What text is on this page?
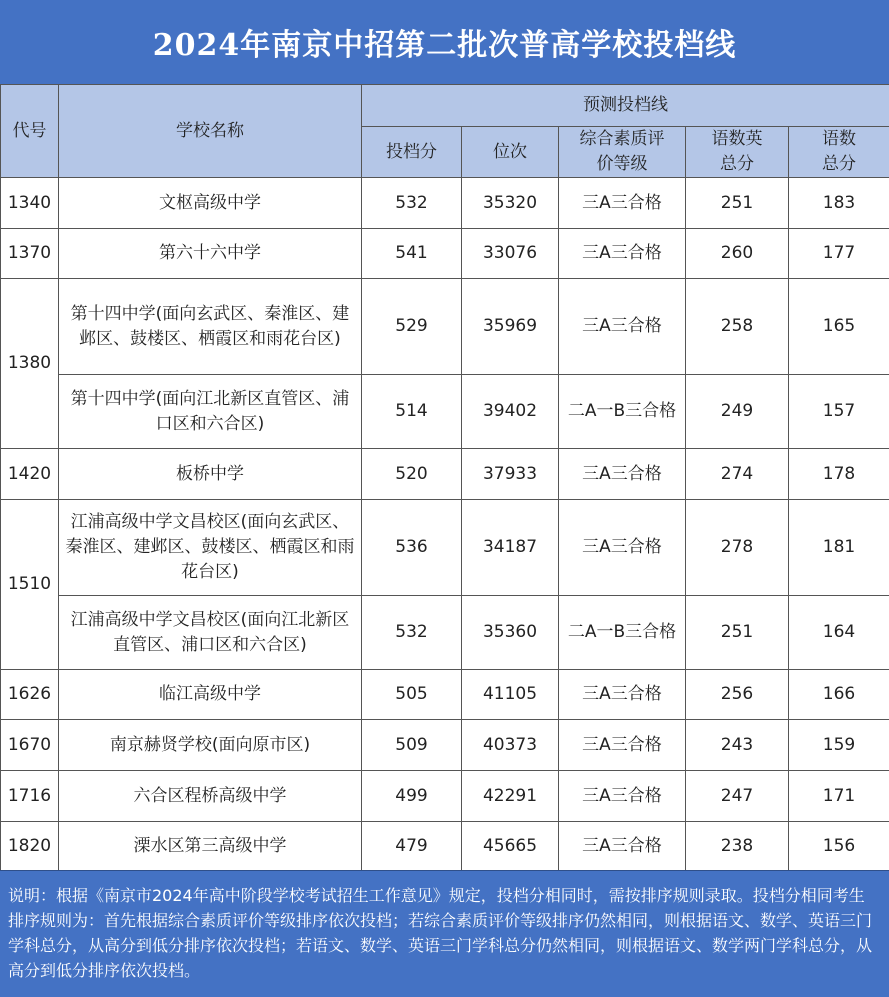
2024年南京中招第二批次普高学校投档线
代号	学校名称	预测投档线				
		投档分	位次	综合素质评价等级	语数英总分	语数总分

1340	文枢高级中学	532	35320	三A三合格	251	183
1370	第六十六中学	541	33076	三A三合格	260	177
1380	第十四中学(面向玄武区、秦淮区、建邺区、鼓楼区、栖霞区和雨花台区)	529	35969	三A三合格	258	165
	第十四中学(面向江北新区直管区、浦口区和六合区)	514	39402	二A一B三合格	249	157
1420	板桥中学	520	37933	三A三合格	274	178
1510	江浦高级中学文昌校区(面向玄武区、秦淮区、建邺区、鼓楼区、栖霞区和雨花台区)	536	34187	三A三合格	278	181
	江浦高级中学文昌校区(面向江北新区直管区、浦口区和六合区)	532	35360	二A一B三合格	251	164
1626	临江高级中学	505	41105	三A三合格	256	166
1670	南京赫贤学校(面向原市区)	509	40373	三A三合格	243	159
1716	六合区程桥高级中学	499	42291	三A三合格	247	171
1820	溧水区第三高级中学	479	45665	三A三合格	238	156
说明：根据《南京市2024年高中阶段学校考试招生工作意见》规定，投档分相同时，需按排序规则录取。投档分相同考生排序规则为：首先根据综合素质评价等级排序依次投档；若综合素质评价等级排序仍然相同，则根据语文、数学、英语三门学科总分，从高分到低分排序依次投档；若语文、数学、英语三门学科总分仍然相同，则根据语文、数学两门学科总分，从高分到低分排序依次投档。
